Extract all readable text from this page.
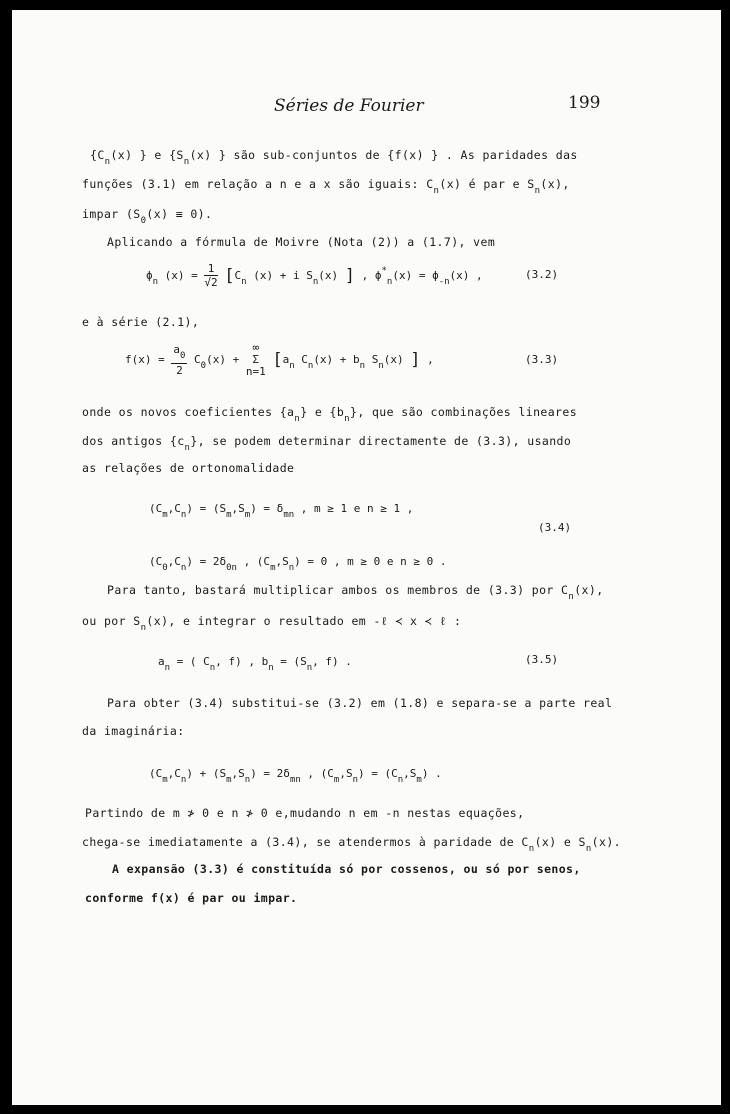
Séries de Fourier	199
{$C_n(x)$ } e {$S_n(x)$ } são sub-conjuntos de {f(x) } . As paridades das
funções (3.1) em relação a n e a x são iguais: $C_n(x)$ é par e $S_n(x)$,
impar $(S_0(x) \equiv 0)$.
Aplicando a fórmula de Moivre (Nota (2)) a (1.7), vem
$\phi_n$ $(x) = \frac{1}{√2} [C_n$ (x) + i $S_n(x)$ ] , $\phi^*_n(x) = \phi_{-n}(x)$ ,	(3.2)
e à série (2.1),
$f(x) = \frac{a_0}{2} C_0(x)$ +
∞
Σ
n=1
[$a_n$ $C_n(x) + b_n$ $S_n(x)$ ] ,	(3.3)
onde os novos coeficientes $\{a_n\}$ e $\{b_n\}$, que são combinações lineares
dos antigos $\{c_n\}$, se podem determinar directamente de (3.3), usando
as relações de ortonomalidade
$(C_m,C_n) = (S_m,S_m) = \delta_{mn}$ , m ≥ 1 e n ≥ 1 ,
(3.4)
$(C_0,C_n) = 2\delta_{0n}$ , $(C_m,S_n) = 0$ , m ≥ 0 e n ≥ 0 .
Para tanto, bastará multiplicar ambos os membros de (3.3) por $C_n(x)$,
ou por $S_n(x)$, e integrar o resultado em -ℓ ≺ x ≺ ℓ :
$a_n$ = ( $C_n$, f) , $b_n = (S_n$, f) .	(3.5)
Para obter (3.4) substitui-se (3.2) em (1.8) e separa-se a parte real
da imaginária:
$(C_m,C_n) + (S_m,S_n) = 2\delta_{mn}$ , $(C_m,S_n) = (C_n,S_m)$ .
Partindo de m ≯ 0 e n ≯ 0 e,mudando n em -n nestas equações,
chega-se imediatamente a (3.4), se atendermos à paridade de $C_n(x)$ e $S_n(x)$.
A expansão (3.3) é constituída só por cossenos, ou só por senos,
conforme f(x) é par ou impar.
